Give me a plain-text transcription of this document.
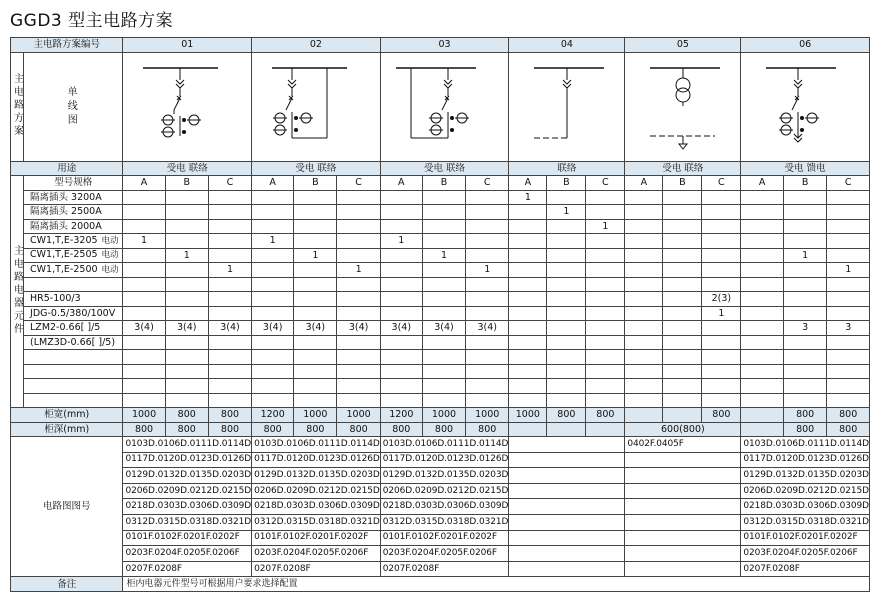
GGD3 型主电路方案
主电路方案编号		01			02			03			04			05			06		
主电路方案	单线图	

用途		受电 联络			受电 联络			受电 联络			联络			受电 联络			受电 馈电		
主电路电器元件	型号规格	A	B	C	A	B	C	A	B	C	A	B	C	A	B	C	A	B	C
	隔离插头 3200A										1								
	隔离插头 2500A											1							
	隔离插头 2000A												1						
	CW1,T,E-3205 电动	1			1			1											
	CW1,T,E-2505 电动		1			1			1									1	
	CW1,T,E-2500 电动			1			1			1									1

	HR5-100/3															2(3)			
	JDG-0.5/380/100V															1			
	LZM2-0.66[ ]/5	3(4)	3(4)	3(4)	3(4)	3(4)	3(4)	3(4)	3(4)	3(4)								3	3
	(LMZ3D-0.66[ ]/5)																		

柜宽(mm)		1000	800	800	1200	1000	1000	1200	1000	1000	1000	800	800			800		800	800
柜深(mm)		800	800	800	800	800	800	800	800	800				600(800)				800	800
电路图图号		0103D.0106D.0111D.0114D			0103D.0106D.0111D.0114D			0103D.0106D.0111D.0114D						0402F.0405F			0103D.0106D.0111D.0114D		
		0117D.0120D.0123D.0126D			0117D.0120D.0123D.0126D			0117D.0120D.0123D.0126D									0117D.0120D.0123D.0126D		
		0129D.0132D.0135D.0203D			0129D.0132D.0135D.0203D			0129D.0132D.0135D.0203D									0129D.0132D.0135D.0203D		
		0206D.0209D.0212D.0215D			0206D.0209D.0212D.0215D			0206D.0209D.0212D.0215D									0206D.0209D.0212D.0215D		
		0218D.0303D.0306D.0309D			0218D.0303D.0306D.0309D			0218D.0303D.0306D.0309D									0218D.0303D.0306D.0309D		
		0312D.0315D.0318D.0321D			0312D.0315D.0318D.0321D			0312D.0315D.0318D.0321D									0312D.0315D.0318D.0321D		
		0101F.0102F.0201F.0202F			0101F.0102F.0201F.0202F			0101F.0102F.0201F.0202F									0101F.0102F.0201F.0202F		
		0203F.0204F.0205F.0206F			0203F.0204F.0205F.0206F			0203F.0204F.0205F.0206F									0203F.0204F.0205F.0206F		
		0207F.0208F			0207F.0208F			0207F.0208F									0207F.0208F		
备注		柜内电器元件型号可根据用户要求选择配置																	
